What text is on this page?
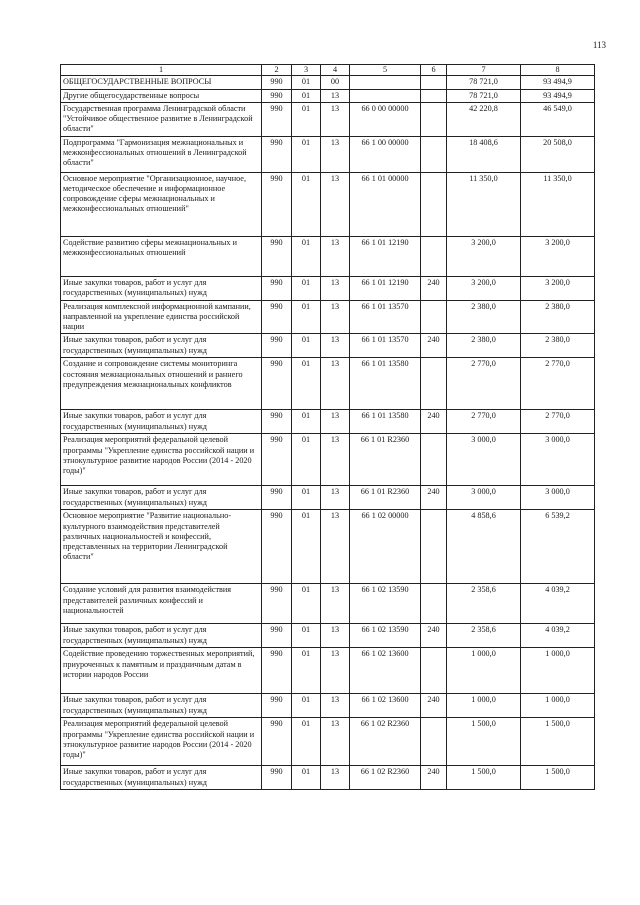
113
1	2	3	4	5	6	7	8
ОБЩЕГОСУДАРСТВЕННЫЕ ВОПРОСЫ	990	01	00			78 721,0	93 494,9
Другие общегосударственные вопросы	990	01	13			78 721,0	93 494,9
Государственная программа Ленинградской области "Устойчивое общественное развитие в Ленинградской области"	990	01	13	66 0 00 00000		42 220,8	46 549,0
Подпрограмма "Гармонизация межнациональных и межконфессиональных отношений в Ленинградской области"	990	01	13	66 1 00 00000		18 408,6	20 508,0
Основное мероприятие "Организационное, научное, методическое обеспечение и информационное сопровождение сферы межнациональных и межконфессиональных отношений"	990	01	13	66 1 01 00000		11 350,0	11 350,0
Содействие развитию сферы межнациональных и межконфессиональных отношений	990	01	13	66 1 01 12190		3 200,0	3 200,0
Иные закупки товаров, работ и услуг для государственных (муниципальных) нужд	990	01	13	66 1 01 12190	240	3 200,0	3 200,0
Реализация комплексной информационной кампании, направленной на укрепление единства российской нации	990	01	13	66 1 01 13570		2 380,0	2 380,0
Иные закупки товаров, работ и услуг для государственных (муниципальных) нужд	990	01	13	66 1 01 13570	240	2 380,0	2 380,0
Создание и сопровождение системы мониторинга состояния межнациональных отношений и раннего предупреждения межнациональных конфликтов	990	01	13	66 1 01 13580		2 770,0	2 770,0
Иные закупки товаров, работ и услуг для государственных (муниципальных) нужд	990	01	13	66 1 01 13580	240	2 770,0	2 770,0
Реализация мероприятий федеральной целевой программы "Укрепление единства российской нации и этнокультурное развитие народов России (2014 - 2020 годы)"	990	01	13	66 1 01 R2360		3 000,0	3 000,0
Иные закупки товаров, работ и услуг для государственных (муниципальных) нужд	990	01	13	66 1 01 R2360	240	3 000,0	3 000,0
Основное мероприятие "Развитие национально-культурного взаимодействия представителей различных национальностей и конфессий, представленных на территории Ленинградской области"	990	01	13	66 1 02 00000		4 858,6	6 539,2
Создание условий для развития взаимодействия представителей различных конфессий и национальностей	990	01	13	66 1 02 13590		2 358,6	4 039,2
Иные закупки товаров, работ и услуг для государственных (муниципальных) нужд	990	01	13	66 1 02 13590	240	2 358,6	4 039,2
Содействие проведению торжественных мероприятий, приуроченных к памятным и праздничным датам в истории народов России	990	01	13	66 1 02 13600		1 000,0	1 000,0
Иные закупки товаров, работ и услуг для государственных (муниципальных) нужд	990	01	13	66 1 02 13600	240	1 000,0	1 000,0
Реализация мероприятий федеральной целевой программы "Укрепление единства российской нации и этнокультурное развитие народов России (2014 - 2020 годы)"	990	01	13	66 1 02 R2360		1 500,0	1 500,0
Иные закупки товаров, работ и услуг для государственных (муниципальных) нужд	990	01	13	66 1 02 R2360	240	1 500,0	1 500,0
